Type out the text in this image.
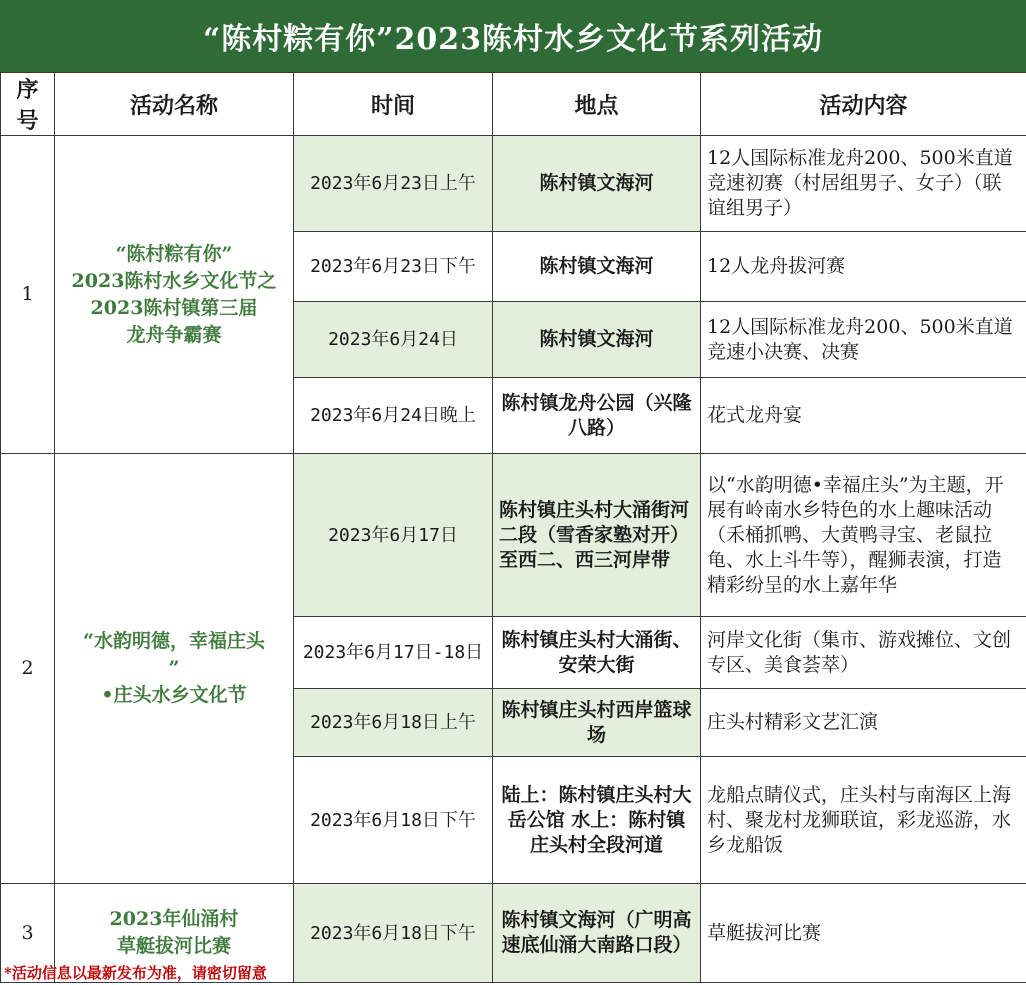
“陈村粽有你”2023陈村水乡文化节系列活动
序号	活动名称	时间	地点	活动内容
1	“陈村粽有你”
2023陈村水乡文化节之
2023陈村镇第三届
龙舟争霸赛	2023年6月23日上午	陈村镇文海河	12人国际标准龙舟200、500米直道竞速初赛（村居组男子、女子）（联谊组男子）
		2023年6月23日下午	陈村镇文海河	12人龙舟拔河赛
		2023年6月24日	陈村镇文海河	12人国际标准龙舟200、500米直道竞速小决赛、决赛
		2023年6月24日晚上	陈村镇龙舟公园（兴隆八路）	花式龙舟宴
2	“水韵明德，幸福庄头
”
•庄头水乡文化节	2023年6月17日	陈村镇庄头村大涌街河二段（雪香家塾对开）至西二、西三河岸带	以“水韵明德•幸福庄头”为主题，开展有岭南水乡特色的水上趣味活动（禾桶抓鸭、大黄鸭寻宝、老鼠拉龟、水上斗牛等），醒狮表演，打造精彩纷呈的水上嘉年华
		2023年6月17日-18日	陈村镇庄头村大涌街、安荣大街	河岸文化街（集市、游戏摊位、文创专区、美食荟萃）
		2023年6月18日上午	陈村镇庄头村西岸篮球场	庄头村精彩文艺汇演
		2023年6月18日下午	陆上：陈村镇庄头村大岳公馆 水上：陈村镇庄头村全段河道	龙船点睛仪式，庄头村与南海区上海村、聚龙村龙狮联谊，彩龙巡游，水乡龙船饭
3	2023年仙涌村
草艇拔河比赛	2023年6月18日下午	陈村镇文海河（广明高速底仙涌大南路口段）	草艇拔河比赛
*活动信息以最新发布为准，请密切留意
